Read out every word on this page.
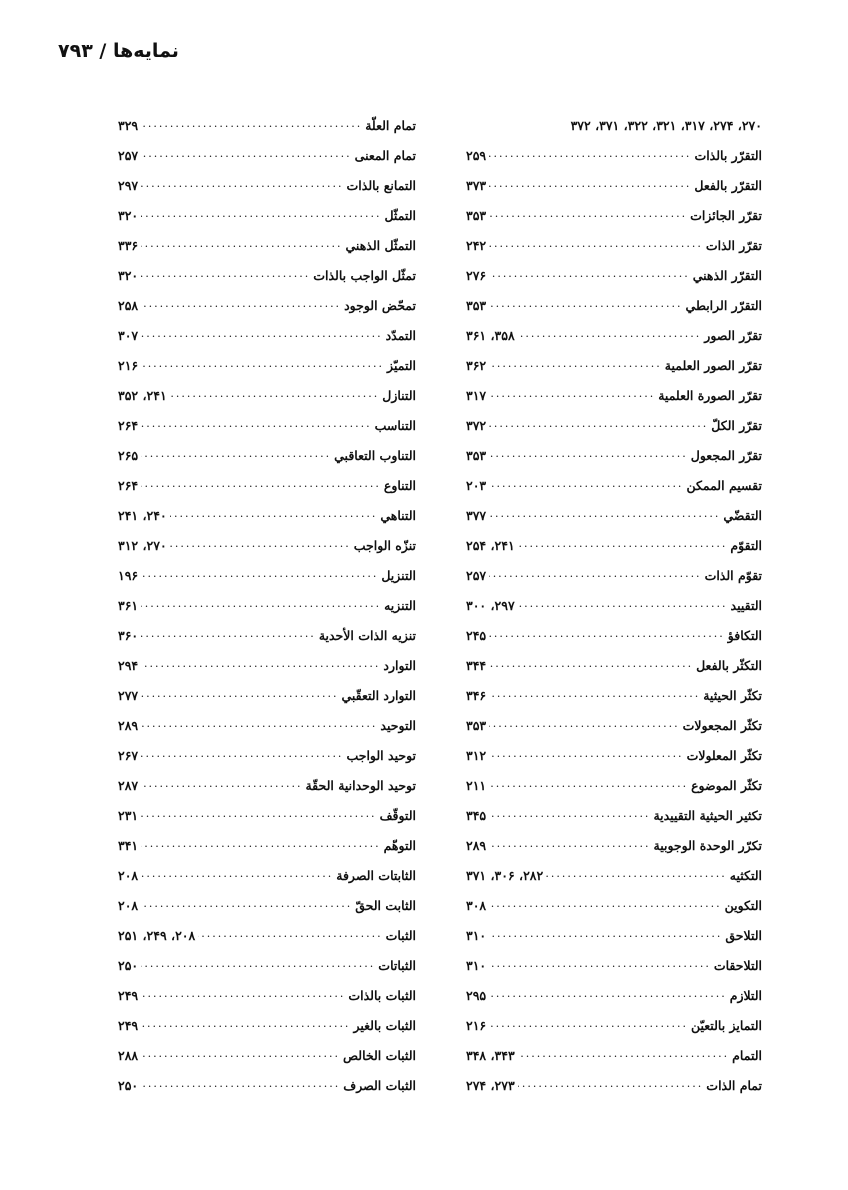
نمايه‌ها / ۷۹۳
۲۷۰، ۲۷۴، ۳۱۷، ۳۲۱، ۳۲۲، ۳۷۱، ۳۷۲
التقرّر بالذات
.....
۲۵۹
التقرّر بالفعل
.....
۳۷۳
تقرّر الجائزات
.....
۳۵۳
تقرّر الذات
.....
۲۴۲
التقرّر الذهني
.....
۲۷۶
التقرّر الرابطي
.....
۳۵۳
تقرّر الصور
.....
۳۵۸، ۳۶۱
تقرّر الصور العلمية
.....
۳۶۲
تقرّر الصورة العلمية
.....
۳۱۷
تقرّر الكلّ
.....
۳۷۲
تقرّر المجعول
.....
۳۵۳
تقسيم الممكن
.....
۲۰۳
التقضّي
.....
۳۷۷
التقوّم
.....
۲۴۱، ۲۵۴
تقوّم الذات
.....
۲۵۷
التقييد
.....
۲۹۷، ۳۰۰
التكافؤ
.....
۲۴۵
التكثّر بالفعل
.....
۳۴۴
تكثّر الحيثية
.....
۳۴۶
تكثّر المجعولات
.....
۳۵۳
تكثّر المعلولات
.....
۳۱۲
تكثّر الموضوع
.....
۲۱۱
تكثير الحيثية التقييدية
.....
۳۴۵
تكرّر الوحدة الوجوبية
.....
۲۸۹
التكثيه
.....
۲۸۲، ۳۰۶، ۳۷۱
التكوين
.....
۳۰۸
التلاحق
.....
۳۱۰
التلاحقات
.....
۳۱۰
التلازم
.....
۲۹۵
التمايز بالتعيّن
.....
۲۱۶
التمام
.....
۳۴۳، ۳۴۸
تمام الذات
.....
۲۷۳، ۲۷۴
تمام العلّة
.....
۳۲۹
تمام المعنى
.....
۲۵۷
التمانع بالذات
.....
۲۹۷
التمثّل
.....
۳۲۰
التمثّل الذهني
.....
۳۳۶
تمثّل الواجب بالذات
.....
۳۲۰
تمحّض الوجود
.....
۲۵۸
التمدّد
.....
۳۰۷
التميّز
.....
۲۱۶
التنازل
.....
۲۴۱، ۳۵۲
التناسب
.....
۲۶۴
التناوب التعاقبي
.....
۲۶۵
التناوع
.....
۲۶۴
التناهي
.....
۲۴۰، ۲۴۱
تنزّه الواجب
.....
۲۷۰، ۳۱۲
التنزيل
.....
۱۹۶
التنزيه
.....
۳۶۱
تنزيه الذات الأحدية
.....
۳۶۰
التوارد
.....
۲۹۴
التوارد التعقّبي
.....
۲۷۷
التوحيد
.....
۲۸۹
توحيد الواجب
.....
۲۶۷
توحيد الوحدانية الحقّة
.....
۲۸۷
التوقّف
.....
۲۳۱
التوهّم
.....
۳۴۱
الثابتات الصرفة
.....
۲۰۸
الثابت الحقّ
.....
۲۰۸
الثبات
.....
۲۰۸، ۲۴۹، ۲۵۱
الثباتات
.....
۲۵۰
الثبات بالذات
.....
۲۴۹
الثبات بالغير
.....
۲۴۹
الثبات الخالص
.....
۲۸۸
الثبات الصرف
.....
۲۵۰
